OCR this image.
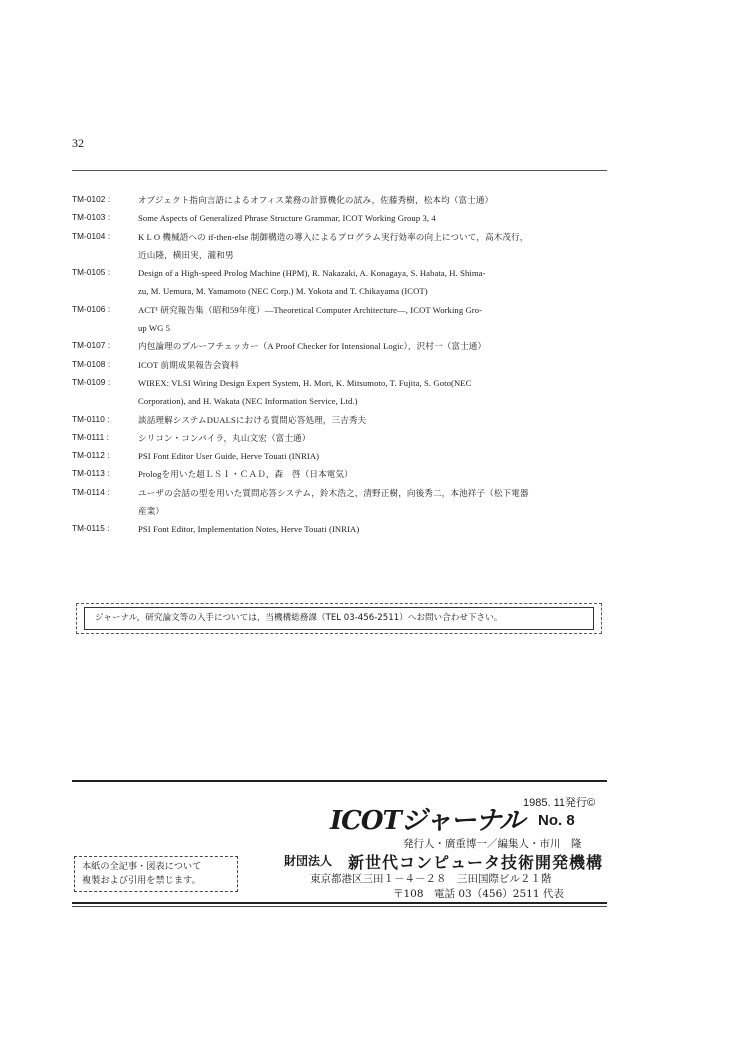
32
TM-0102 :	オブジェクト指向言語によるオフィス業務の計算機化の試み，佐藤秀樹，松本均（富士通）
TM-0103 :	Some Aspects of Generalized Phrase Structure Grammar, ICOT Working Group 3, 4
TM-0104 :	K L O 機械語への if-then-else 制御構造の導入によるプログラム実行効率の向上について，高木茂行，
近山隆，横田実，瀧和男
TM-0105 :	Design of a High-speed Prolog Machine (HPM), R. Nakazaki, A. Konagaya, S. Habata, H. Shima-
zu, M. Uemura, M. Yamamoto (NEC Corp.) M. Yokota and T. Chikayama (ICOT)
TM-0106 :	ACT¹ 研究報告集（昭和59年度）—Theoretical Computer Architecture—, ICOT Working Gro-
up WG 5
TM-0107 :	内包論理のプルーフチェッカー（A Proof Checker for Intensional Logic），沢村一（富士通）
TM-0108 :	ICOT 前期成果報告会資料
TM-0109 :	WIREX: VLSI Wiring Design Expert System, H. Mori, K. Mitsumoto, T. Fujita, S. Goto(NEC
Corporation), and H. Wakata (NEC Information Service, Ltd.)
TM-0110 :	談話理解システムDUALSにおける質問応答処理，三吉秀夫
TM-0111 :	シリコン・コンパイラ，丸山文宏（富士通）
TM-0112 :	PSI Font Editor User Guide, Herve Touati (INRIA)
TM-0113 :	Prologを用いた超ＬＳＩ・ＣＡＤ，森　啓（日本電気）
TM-0114 :	ユーザの会話の型を用いた質問応答システム，鈴木浩之，清野正樹，向後秀二，本池祥子（松下電器
産業）
TM-0115 :	PSI Font Editor, Implementation Notes, Herve Touati (INRIA)
ジャーナル，研究論文等の入手については，当機構総務課（TEL 03-456-2511）へお問い合わせ下さい。
1985. 11発行©
ICOTジャーナル No. 8
発行人・廣重博一／編集人・市川　隆
財団法人 新世代コンピュータ技術開発機構
東京都港区三田１－４－２８　三田国際ビル２１階
〒108　電話 03（456）2511 代表
本紙の全記事・図表について
複製および引用を禁じます。
